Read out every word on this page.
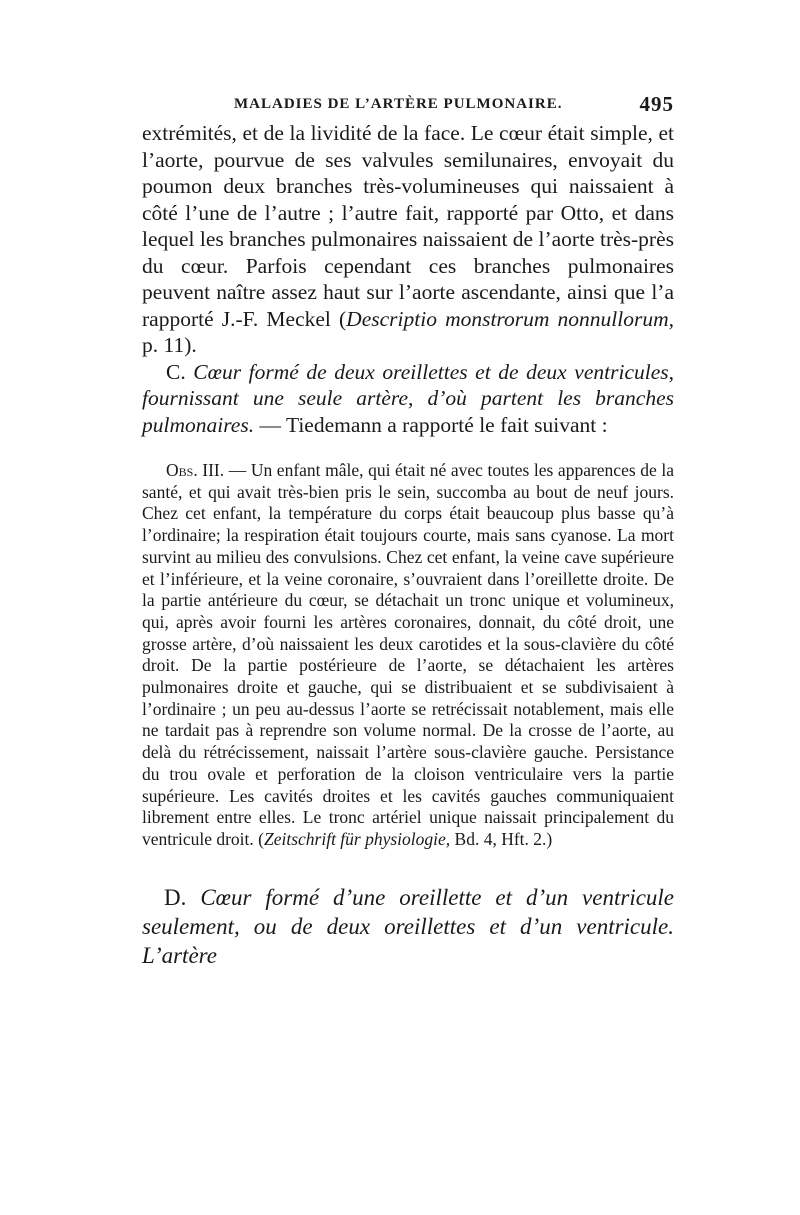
MALADIES DE L’ARTÈRE PULMONAIRE.	495

extrémités, et de la lividité de la face. Le cœur était simple, et l’aorte, pourvue de ses valvules semilunaires, envoyait du poumon deux branches très-volumineuses qui naissaient à côté l’une de l’autre ; l’autre fait, rapporté par Otto, et dans lequel les branches pulmonaires naissaient de l’aorte très-près du cœur. Parfois cependant ces branches pulmonaires peuvent naître assez haut sur l’aorte ascendante, ainsi que l’a rapporté J.-F. Meckel (Descriptio monstrorum nonnullorum, p. 11).

C. Cœur formé de deux oreillettes et de deux ventricules, fournissant une seule artère, d’où partent les branches pulmonaires. — Tiedemann a rapporté le fait suivant :

Obs. III. — Un enfant mâle, qui était né avec toutes les apparences de la santé, et qui avait très-bien pris le sein, succomba au bout de neuf jours. Chez cet enfant, la température du corps était beaucoup plus basse qu’à l’ordinaire; la respiration était toujours courte, mais sans cyanose. La mort survint au milieu des convulsions. Chez cet enfant, la veine cave supérieure et l’inférieure, et la veine coronaire, s’ouvraient dans l’oreillette droite. De la partie antérieure du cœur, se détachait un tronc unique et volumineux, qui, après avoir fourni les artères coronaires, donnait, du côté droit, une grosse artère, d’où naissaient les deux carotides et la sous-clavière du côté droit. De la partie postérieure de l’aorte, se détachaient les artères pulmonaires droite et gauche, qui se distribuaient et se subdivisaient à l’ordinaire ; un peu au-dessus l’aorte se retrécissait notablement, mais elle ne tardait pas à reprendre son volume normal. De la crosse de l’aorte, au delà du rétrécissement, naissait l’artère sous-clavière gauche. Persistance du trou ovale et perforation de la cloison ventriculaire vers la partie supérieure. Les cavités droites et les cavités gauches communiquaient librement entre elles. Le tronc artériel unique naissait principalement du ventricule droit. (Zeitschrift für physiologie, Bd. 4, Hft. 2.)

D. Cœur formé d’une oreillette et d’un ventricule seulement, ou de deux oreillettes et d’un ventricule. L’artère
